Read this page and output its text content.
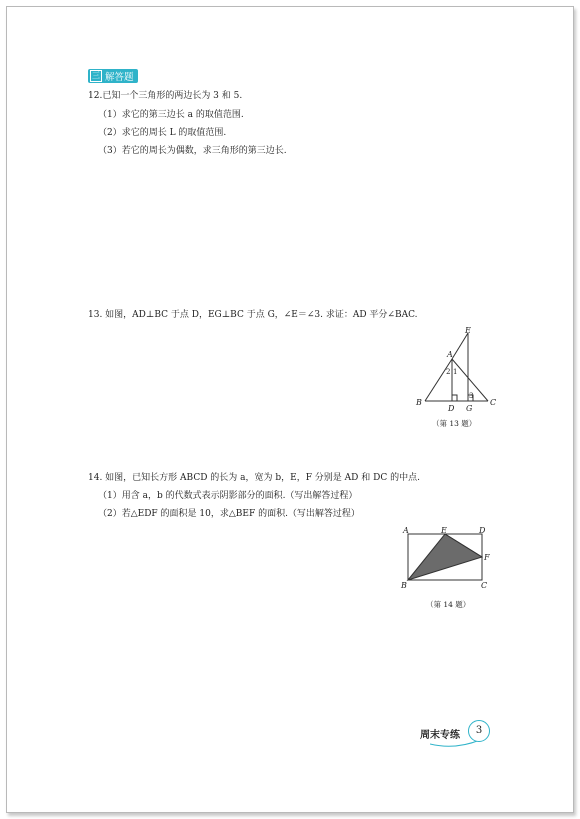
三 解答题
12.已知一个三角形的两边长为 3 和 5.
（1）求它的第三边长 a 的取值范围.
（2）求它的周长 L 的取值范围.
（3）若它的周长为偶数，求三角形的第三边长.
13. 如图，AD⊥BC 于点 D，EG⊥BC 于点 G，∠E＝∠3. 求证：AD 平分∠BAC.
E
A
2 1
3
B
D G
C
（第 13 题）
14. 如图，已知长方形 ABCD 的长为 a，宽为 b，E，F 分别是 AD 和 DC 的中点.
（1）用含 a，b 的代数式表示阴影部分的面积.（写出解答过程）
（2）若△EDF 的面积是 10，求△BEF 的面积.（写出解答过程）
A	E	D
F
B	C
（第 14 题）
周末专练	3
